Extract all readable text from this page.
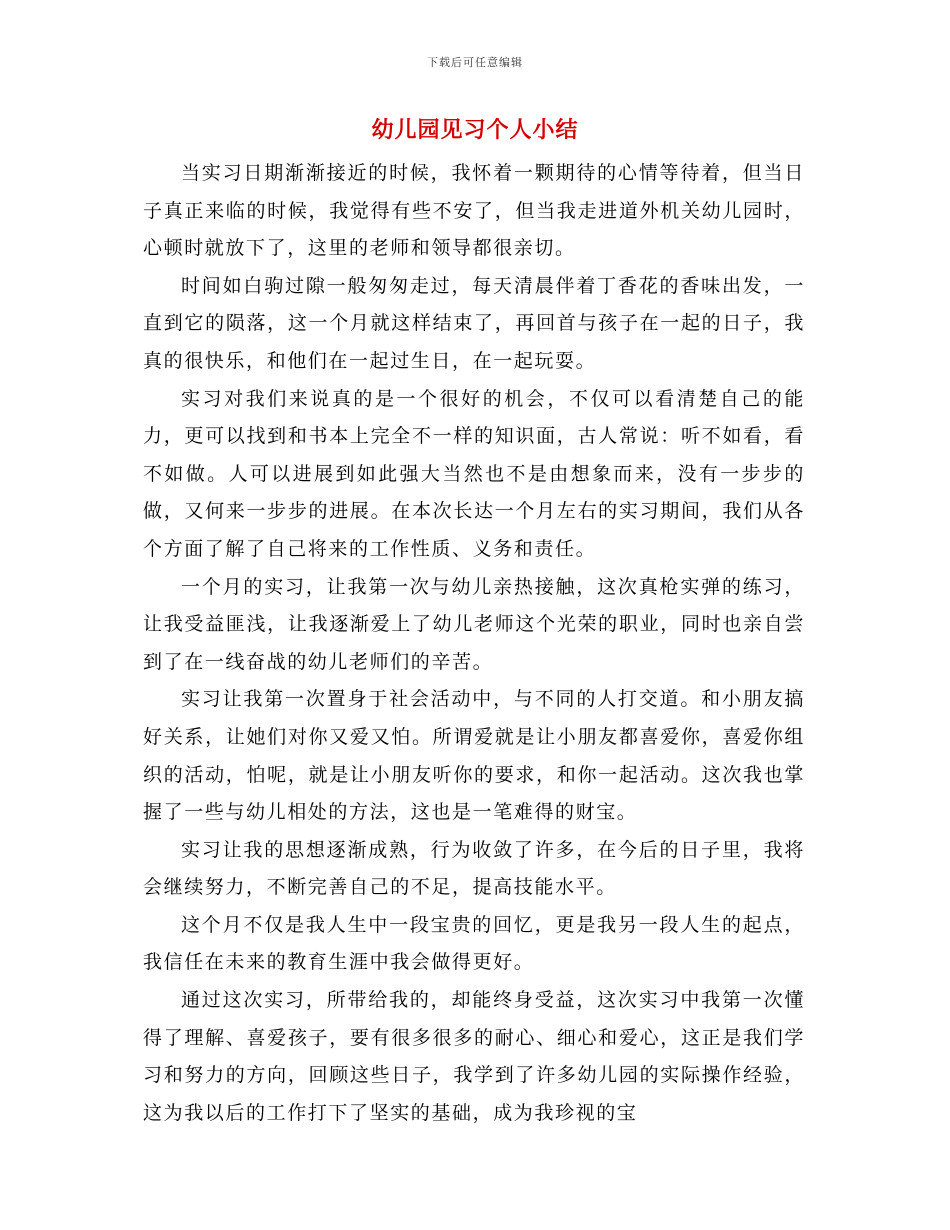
下载后可任意编辑
幼儿园见习个人小结

当实习日期渐渐接近的时候，我怀着一颗期待的心情等待着，但当日子真正来临的时候，我觉得有些不安了，但当我走进道外机关幼儿园时，心顿时就放下了，这里的老师和领导都很亲切。

时间如白驹过隙一般匆匆走过，每天清晨伴着丁香花的香味出发，一直到它的陨落，这一个月就这样结束了，再回首与孩子在一起的日子，我真的很快乐，和他们在一起过生日，在一起玩耍。

实习对我们来说真的是一个很好的机会，不仅可以看清楚自己的能力，更可以找到和书本上完全不一样的知识面，古人常说：听不如看，看不如做。人可以进展到如此强大当然也不是由想象而来，没有一步步的做，又何来一步步的进展。在本次长达一个月左右的实习期间，我们从各个方面了解了自己将来的工作性质、义务和责任。

一个月的实习，让我第一次与幼儿亲热接触，这次真枪实弹的练习，让我受益匪浅，让我逐渐爱上了幼儿老师这个光荣的职业，同时也亲自尝到了在一线奋战的幼儿老师们的辛苦。

实习让我第一次置身于社会活动中，与不同的人打交道。和小朋友搞好关系，让她们对你又爱又怕。所谓爱就是让小朋友都喜爱你，喜爱你组织的活动，怕呢，就是让小朋友听你的要求，和你一起活动。这次我也掌握了一些与幼儿相处的方法，这也是一笔难得的财宝。

实习让我的思想逐渐成熟，行为收敛了许多，在今后的日子里，我将会继续努力，不断完善自己的不足，提高技能水平。

这个月不仅是我人生中一段宝贵的回忆，更是我另一段人生的起点，我信任在未来的教育生涯中我会做得更好。

通过这次实习，所带给我的，却能终身受益，这次实习中我第一次懂得了理解、喜爱孩子，要有很多很多的耐心、细心和爱心，这正是我们学习和努力的方向，回顾这些日子，我学到了许多幼儿园的实际操作经验，这为我以后的工作打下了坚实的基础，成为我珍视的宝
